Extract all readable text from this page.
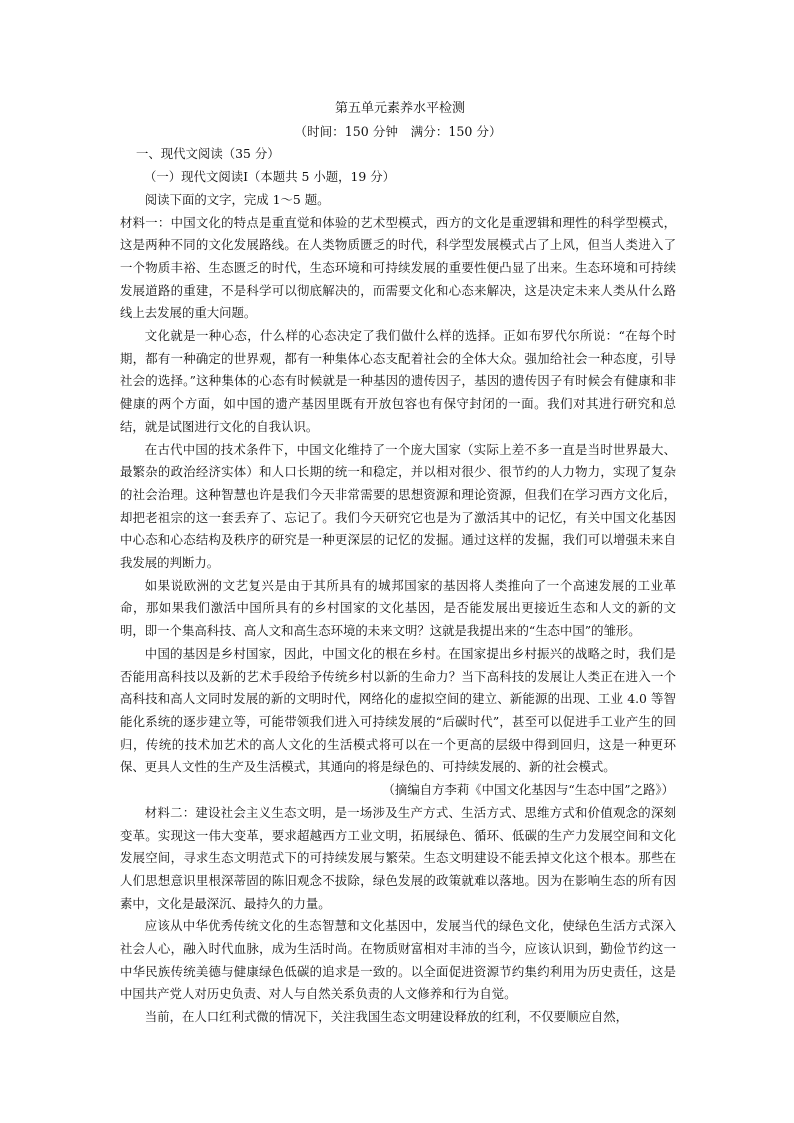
第五单元素养水平检测
（时间：150 分钟　满分：150 分）

一、现代文阅读（35 分）

（一）现代文阅读Ⅰ（本题共 5 小题，19 分）

阅读下面的文字，完成 1～5 题。

材料一：中国文化的特点是重直觉和体验的艺术型模式，西方的文化是重逻辑和理性的科学型模式，这是两种不同的文化发展路线。在人类物质匮乏的时代，科学型发展模式占了上风，但当人类进入了一个物质丰裕、生态匮乏的时代，生态环境和可持续发展的重要性便凸显了出来。生态环境和可持续发展道路的重建，不是科学可以彻底解决的，而需要文化和心态来解决，这是决定未来人类从什么路线上去发展的重大问题。

文化就是一种心态，什么样的心态决定了我们做什么样的选择。正如布罗代尔所说：“在每个时期，都有一种确定的世界观，都有一种集体心态支配着社会的全体大众。强加给社会一种态度，引导社会的选择。”这种集体的心态有时候就是一种基因的遗传因子，基因的遗传因子有时候会有健康和非健康的两个方面，如中国的遗产基因里既有开放包容也有保守封闭的一面。我们对其进行研究和总结，就是试图进行文化的自我认识。

在古代中国的技术条件下，中国文化维持了一个庞大国家（实际上差不多一直是当时世界最大、最繁杂的政治经济实体）和人口长期的统一和稳定，并以相对很少、很节约的人力物力，实现了复杂的社会治理。这种智慧也许是我们今天非常需要的思想资源和理论资源，但我们在学习西方文化后，却把老祖宗的这一套丢弃了、忘记了。我们今天研究它也是为了激活其中的记忆，有关中国文化基因中心态和心态结构及秩序的研究是一种更深层的记忆的发掘。通过这样的发掘，我们可以增强未来自我发展的判断力。

如果说欧洲的文艺复兴是由于其所具有的城邦国家的基因将人类推向了一个高速发展的工业革命，那如果我们激活中国所具有的乡村国家的文化基因，是否能发展出更接近生态和人文的新的文明，即一个集高科技、高人文和高生态环境的未来文明？这就是我提出来的“生态中国”的雏形。

中国的基因是乡村国家，因此，中国文化的根在乡村。在国家提出乡村振兴的战略之时，我们是否能用高科技以及新的艺术手段给予传统乡村以新的生命力？当下高科技的发展让人类正在进入一个高科技和高人文同时发展的新的文明时代，网络化的虚拟空间的建立、新能源的出现、工业 4.0 等智能化系统的逐步建立等，可能带领我们进入可持续发展的“后碳时代”，甚至可以促进手工业产生的回归，传统的技术加艺术的高人文化的生活模式将可以在一个更高的层级中得到回归，这是一种更环保、更具人文性的生产及生活模式，其通向的将是绿色的、可持续发展的、新的社会模式。

（摘编自方李莉《中国文化基因与“生态中国”之路》）

材料二：建设社会主义生态文明，是一场涉及生产方式、生活方式、思维方式和价值观念的深刻变革。实现这一伟大变革，要求超越西方工业文明，拓展绿色、循环、低碳的生产力发展空间和文化发展空间，寻求生态文明范式下的可持续发展与繁荣。生态文明建设不能丢掉文化这个根本。那些在人们思想意识里根深蒂固的陈旧观念不拔除，绿色发展的政策就难以落地。因为在影响生态的所有因素中，文化是最深沉、最持久的力量。

应该从中华优秀传统文化的生态智慧和文化基因中，发展当代的绿色文化，使绿色生活方式深入社会人心，融入时代血脉，成为生活时尚。在物质财富相对丰沛的当今，应该认识到，勤俭节约这一中华民族传统美德与健康绿色低碳的追求是一致的。以全面促进资源节约集约利用为历史责任，这是中国共产党人对历史负责、对人与自然关系负责的人文修养和行为自觉。

当前，在人口红利式微的情况下，关注我国生态文明建设释放的红利，不仅要顺应自然，
